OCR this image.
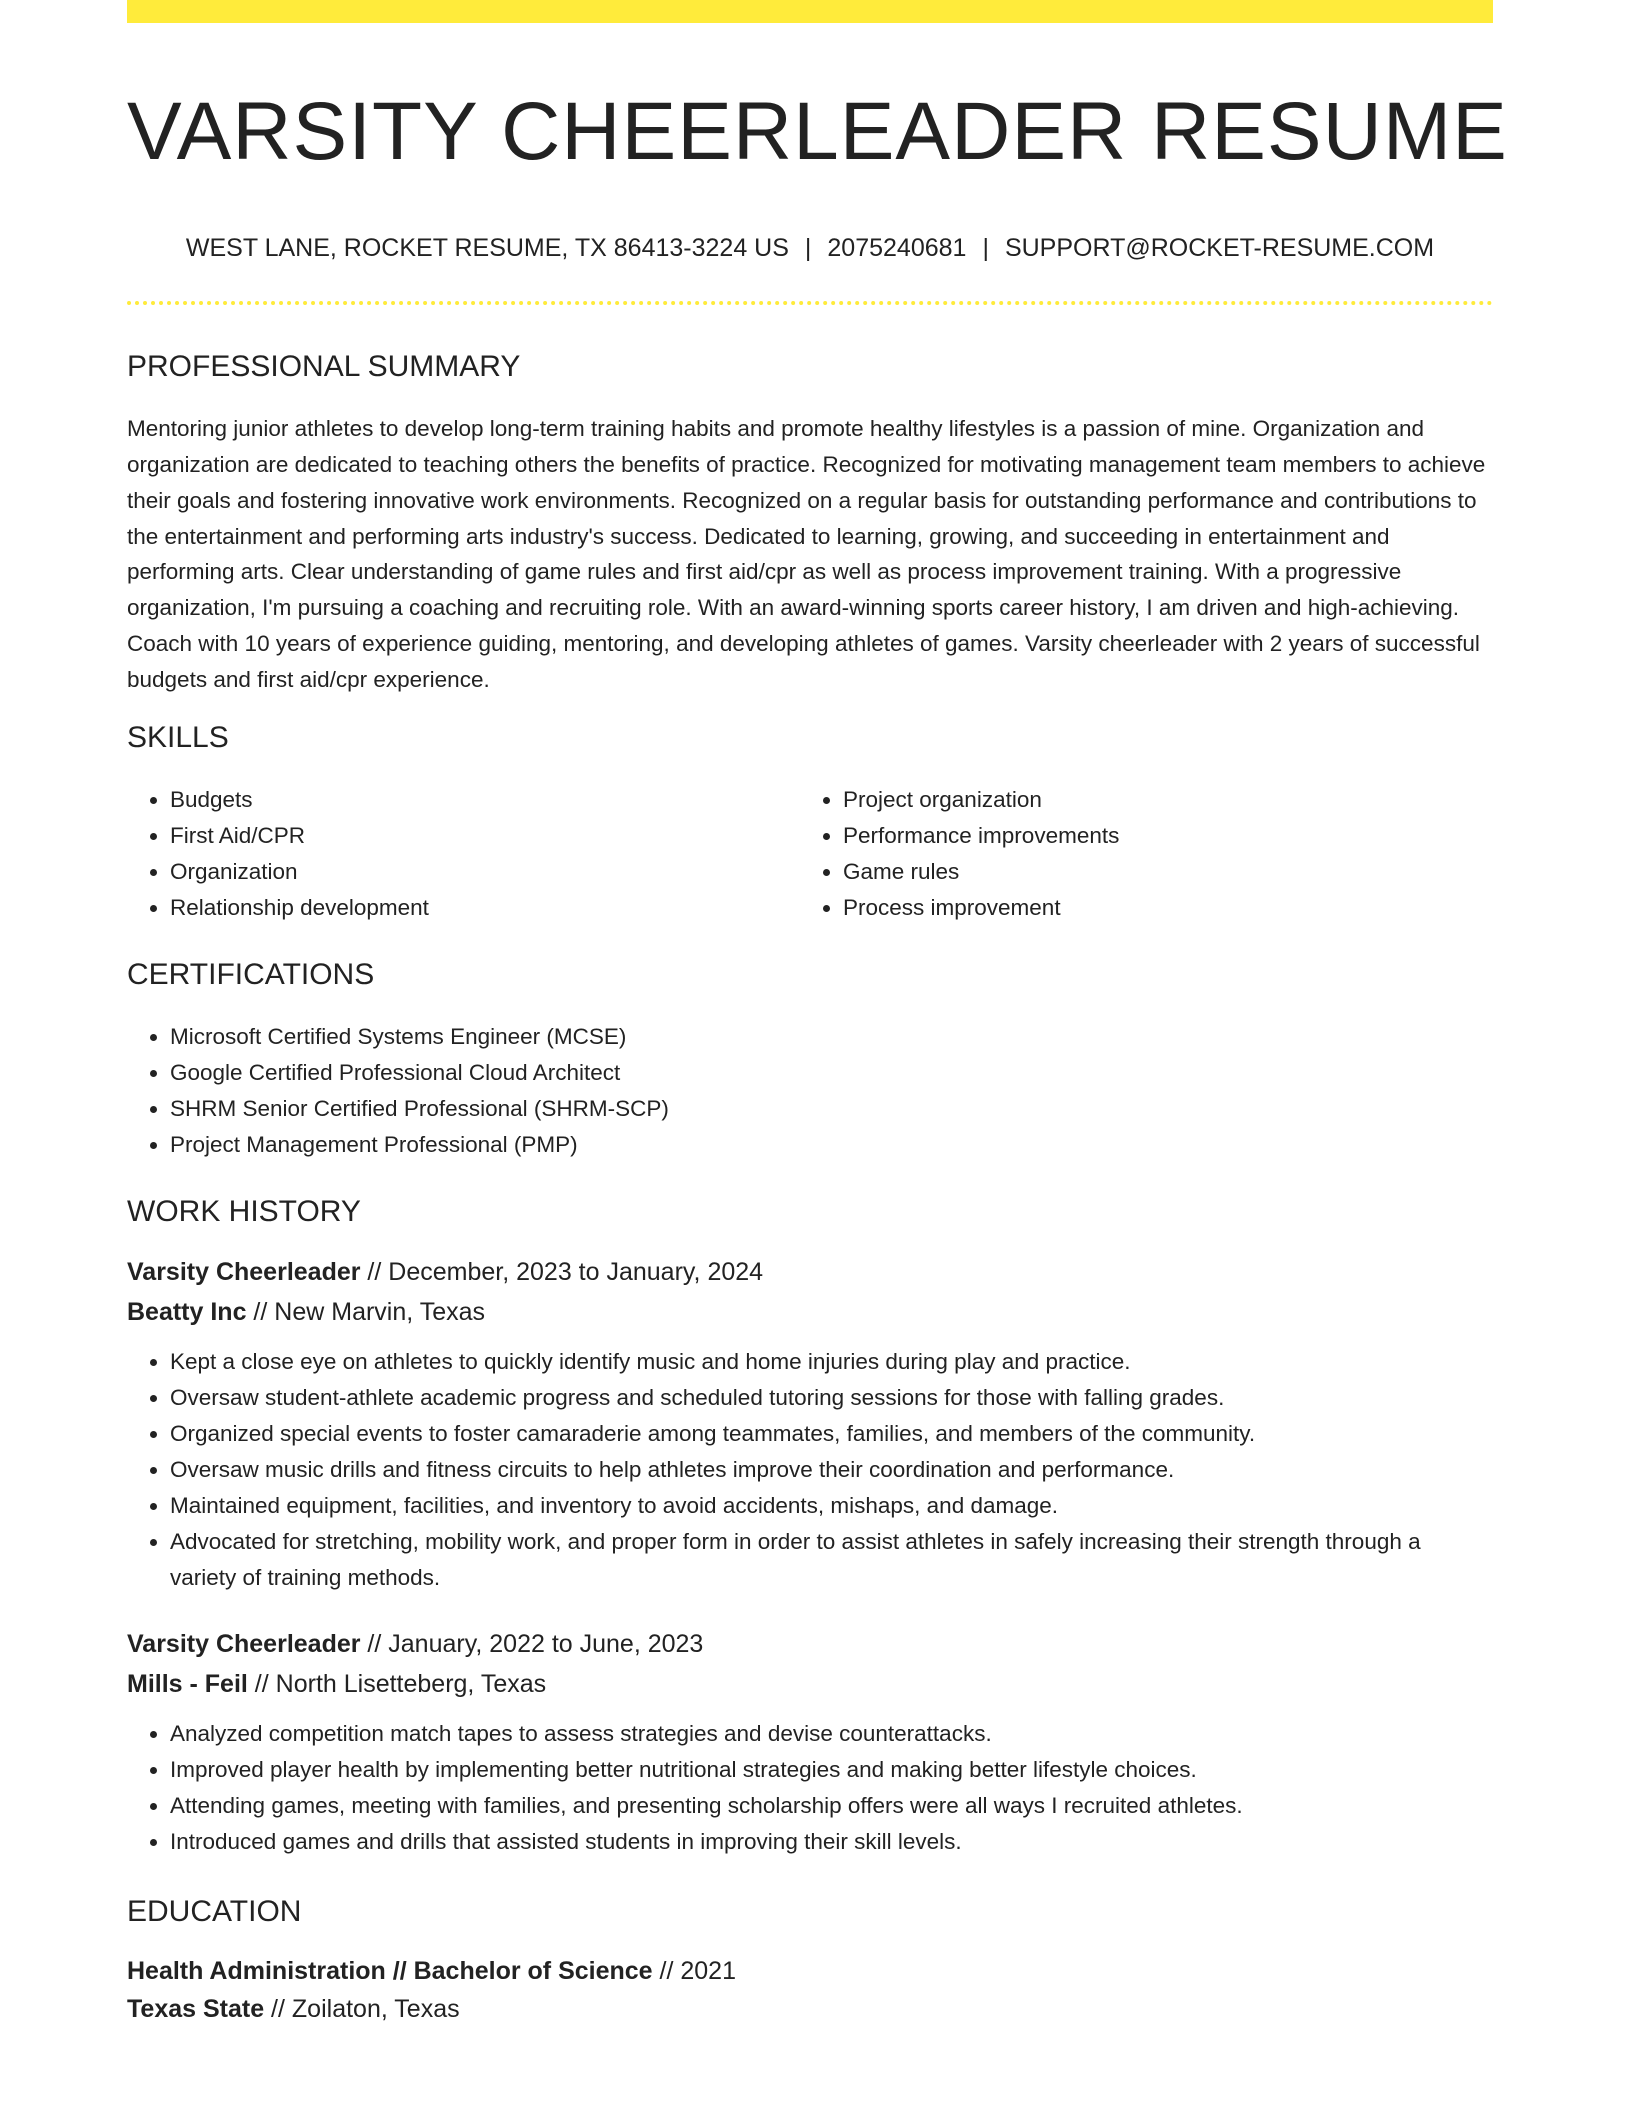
VARSITY CHEERLEADER RESUME
WEST LANE, ROCKET RESUME, TX 86413-3224 US | 2075240681 | SUPPORT@ROCKET-RESUME.COM
PROFESSIONAL SUMMARY
Mentoring junior athletes to develop long-term training habits and promote healthy lifestyles is a passion of mine. Organization and organization are dedicated to teaching others the benefits of practice. Recognized for motivating management team members to achieve their goals and fostering innovative work environments. Recognized on a regular basis for outstanding performance and contributions to the entertainment and performing arts industry's success. Dedicated to learning, growing, and succeeding in entertainment and performing arts. Clear understanding of game rules and first aid/cpr as well as process improvement training. With a progressive organization, I'm pursuing a coaching and recruiting role. With an award-winning sports career history, I am driven and high-achieving. Coach with 10 years of experience guiding, mentoring, and developing athletes of games. Varsity cheerleader with 2 years of successful budgets and first aid/cpr experience.
SKILLS
• Budgets
• First Aid/CPR
• Organization
• Relationship development
• Project organization
• Performance improvements
• Game rules
• Process improvement
CERTIFICATIONS
• Microsoft Certified Systems Engineer (MCSE)
• Google Certified Professional Cloud Architect
• SHRM Senior Certified Professional (SHRM-SCP)
• Project Management Professional (PMP)
WORK HISTORY
Varsity Cheerleader // December, 2023 to January, 2024
Beatty Inc // New Marvin, Texas
• Kept a close eye on athletes to quickly identify music and home injuries during play and practice.
• Oversaw student-athlete academic progress and scheduled tutoring sessions for those with falling grades.
• Organized special events to foster camaraderie among teammates, families, and members of the community.
• Oversaw music drills and fitness circuits to help athletes improve their coordination and performance.
• Maintained equipment, facilities, and inventory to avoid accidents, mishaps, and damage.
• Advocated for stretching, mobility work, and proper form in order to assist athletes in safely increasing their strength through a variety of training methods.
Varsity Cheerleader // January, 2022 to June, 2023
Mills - Feil // North Lisetteberg, Texas
• Analyzed competition match tapes to assess strategies and devise counterattacks.
• Improved player health by implementing better nutritional strategies and making better lifestyle choices.
• Attending games, meeting with families, and presenting scholarship offers were all ways I recruited athletes.
• Introduced games and drills that assisted students in improving their skill levels.
EDUCATION
Health Administration // Bachelor of Science // 2021
Texas State // Zoilaton, Texas
